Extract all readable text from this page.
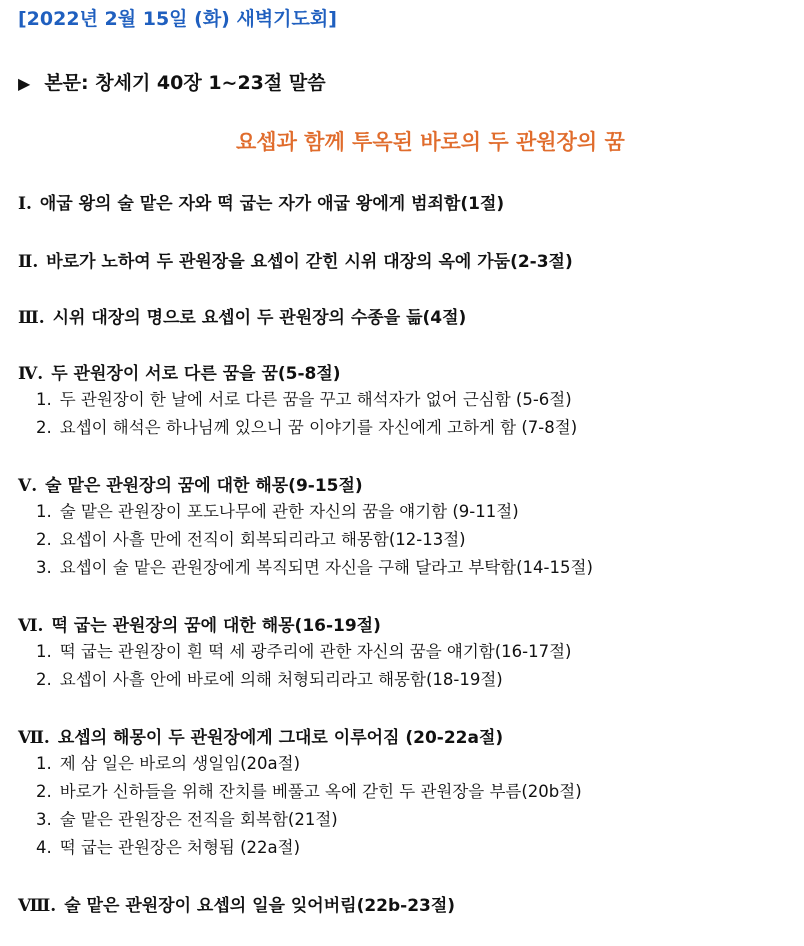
[2022년 2월 15일 (화) 새벽기도회]
▶ 본문: 창세기 40장 1~23절 말씀
요셉과 함께 투옥된 바로의 두 관원장의 꿈
Ⅰ. 애굽 왕의 술 맡은 자와 떡 굽는 자가 애굽 왕에게 범죄함(1절)
Ⅱ. 바로가 노하여 두 관원장을 요셉이 갇힌 시위 대장의 옥에 가둠(2-3절)
Ⅲ. 시위 대장의 명으로 요셉이 두 관원장의 수종을 듦(4절)
Ⅳ. 두 관원장이 서로 다른 꿈을 꿈(5-8절)
1. 두 관원장이 한 날에 서로 다른 꿈을 꾸고 해석자가 없어 근심함 (5-6절)
2. 요셉이 해석은 하나님께 있으니 꿈 이야기를 자신에게 고하게 함 (7-8절)
Ⅴ. 술 맡은 관원장의 꿈에 대한 해몽(9-15절)
1. 술 맡은 관원장이 포도나무에 관한 자신의 꿈을 얘기함 (9-11절)
2. 요셉이 사흘 만에 전직이 회복되리라고 해몽함(12-13절)
3. 요셉이 술 맡은 관원장에게 복직되면 자신을 구해 달라고 부탁함(14-15절)
Ⅵ. 떡 굽는 관원장의 꿈에 대한 해몽(16-19절)
1. 떡 굽는 관원장이 흰 떡 세 광주리에 관한 자신의 꿈을 얘기함(16-17절)
2. 요셉이 사흘 안에 바로에 의해 처형되리라고 해몽함(18-19절)
Ⅶ. 요셉의 해몽이 두 관원장에게 그대로 이루어짐 (20-22a절)
1. 제 삼 일은 바로의 생일임(20a절)
2. 바로가 신하들을 위해 잔치를 베풀고 옥에 갇힌 두 관원장을 부름(20b절)
3. 술 맡은 관원장은 전직을 회복함(21절)
4. 떡 굽는 관원장은 처형됨 (22a절)
Ⅷ. 술 맡은 관원장이 요셉의 일을 잊어버림(22b-23절)
